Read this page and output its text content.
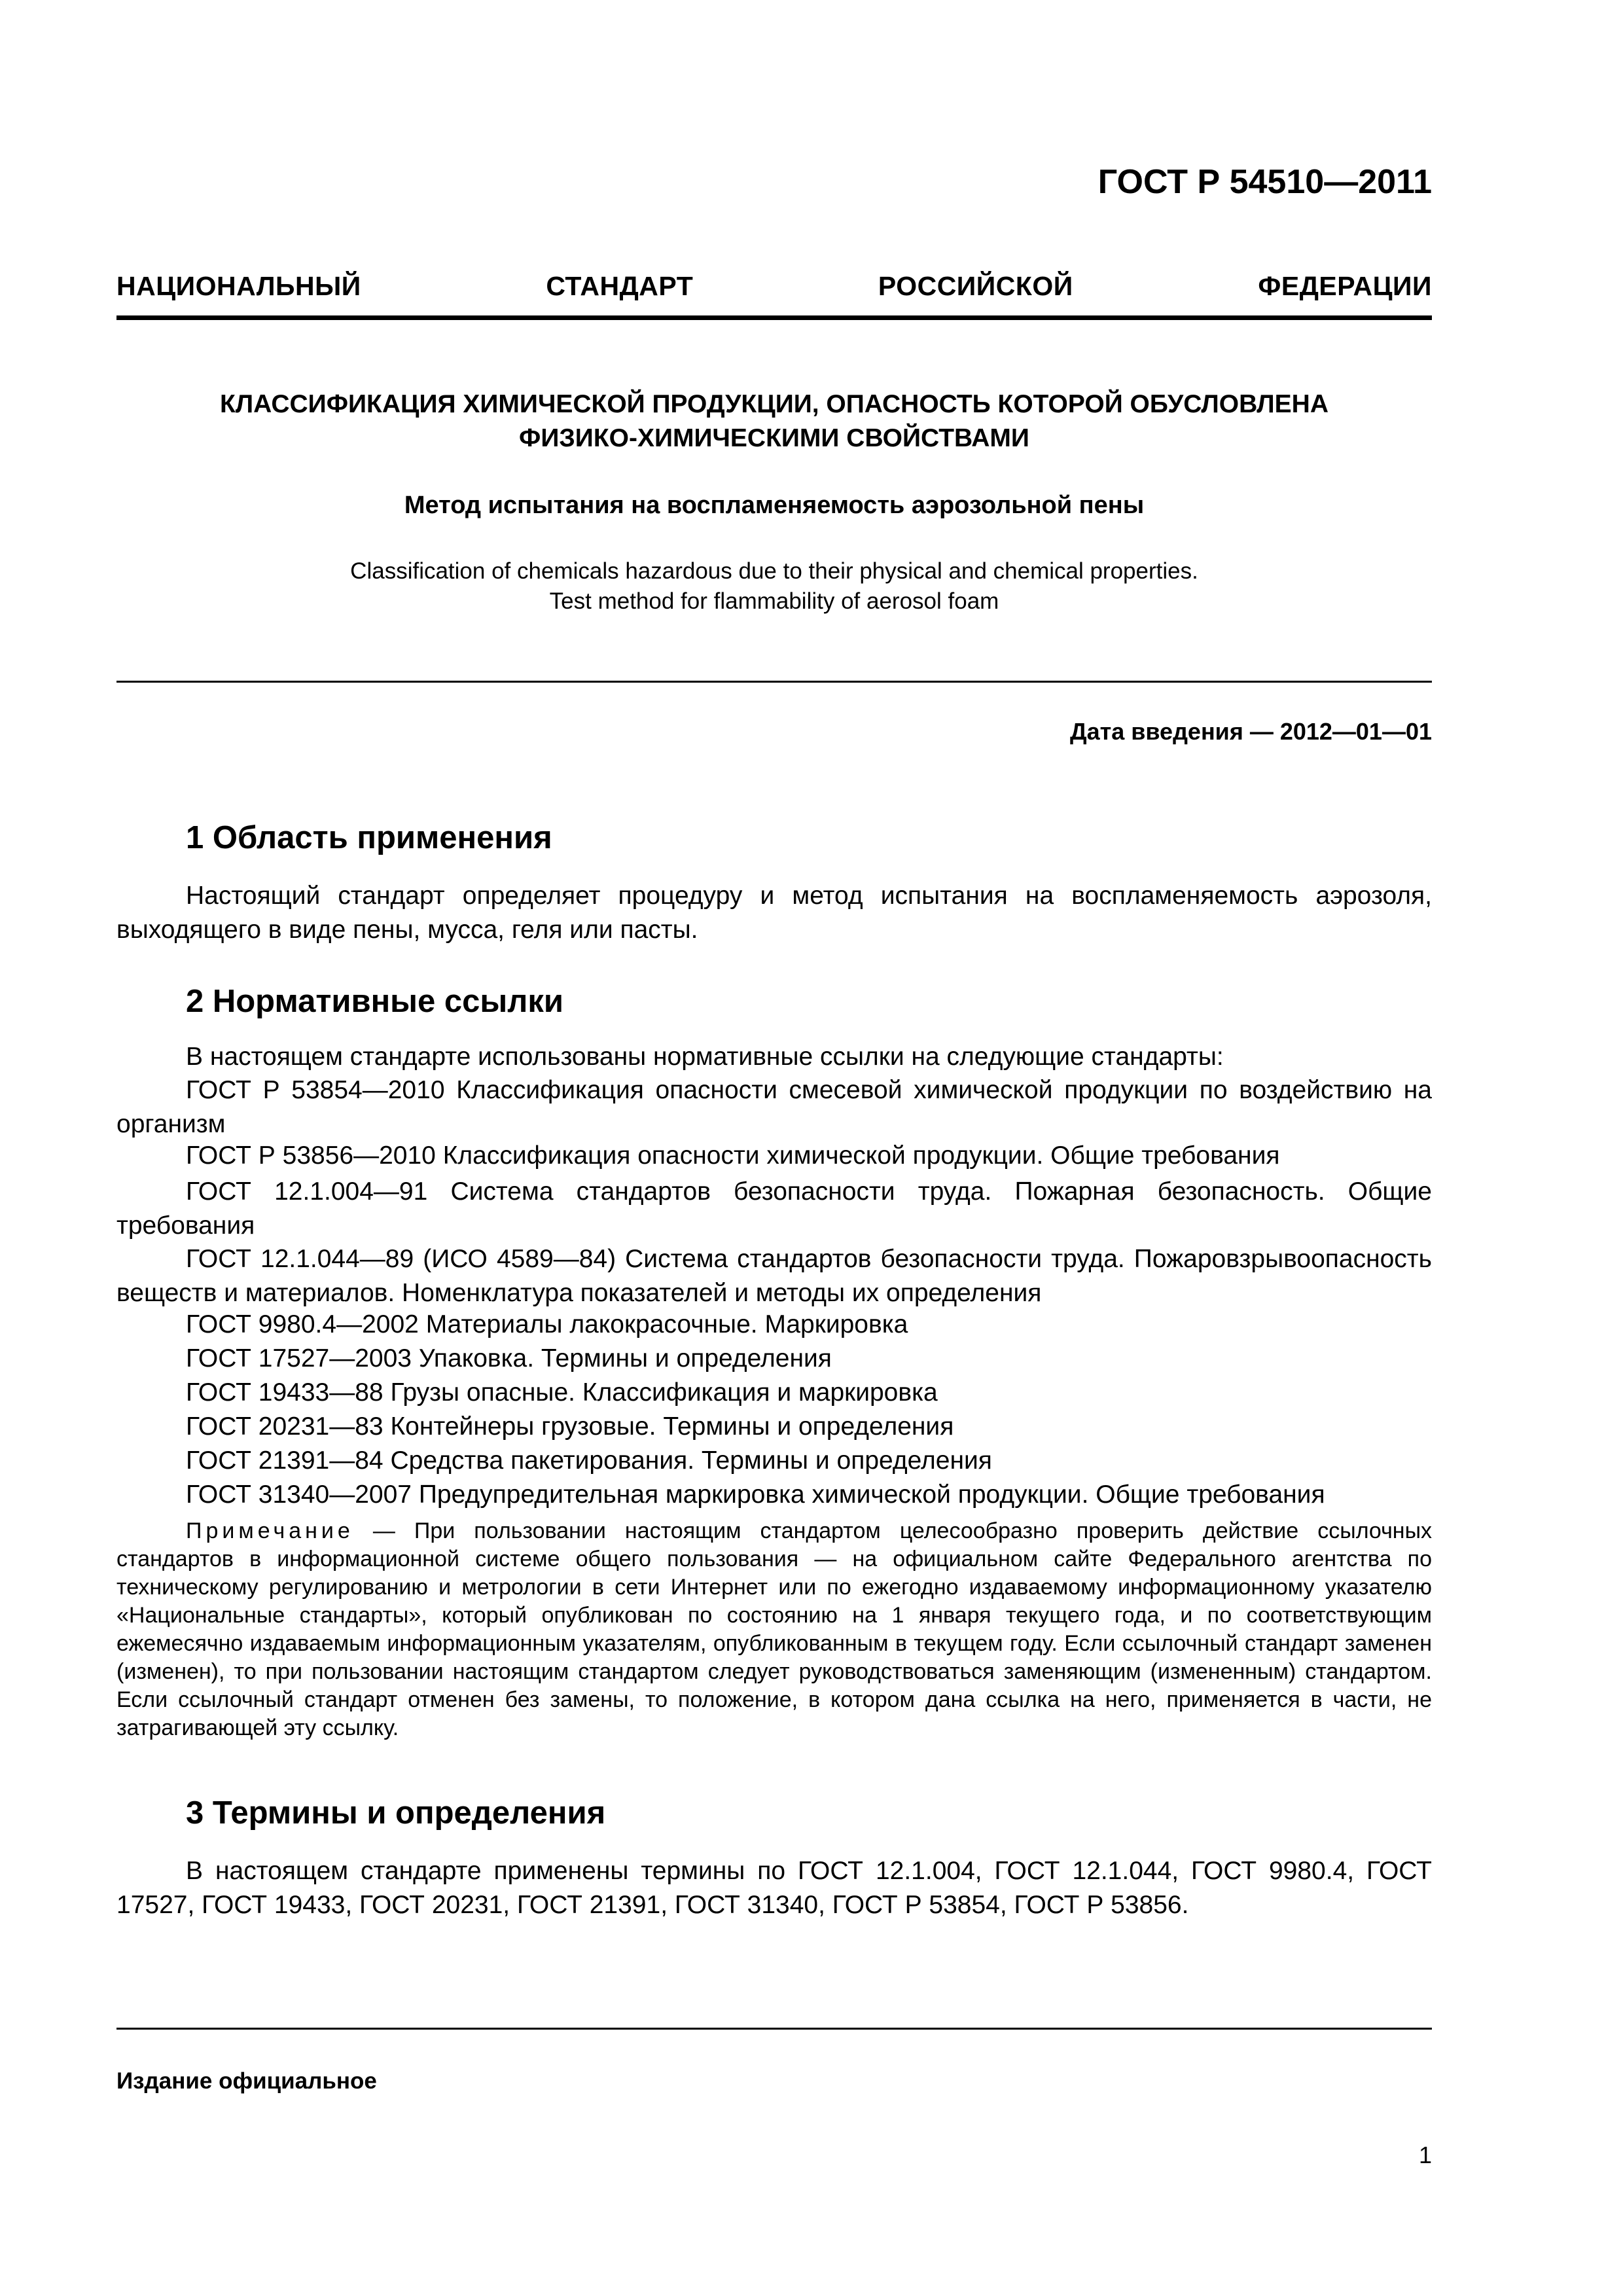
ГОСТ Р 54510—2011
НАЦИОНАЛЬНЫЙ СТАНДАРТ РОССИЙСКОЙ ФЕДЕРАЦИИ
КЛАССИФИКАЦИЯ ХИМИЧЕСКОЙ ПРОДУКЦИИ, ОПАСНОСТЬ КОТОРОЙ ОБУСЛОВЛЕНА
ФИЗИКО-ХИМИЧЕСКИМИ СВОЙСТВАМИ
Метод испытания на воспламеняемость аэрозольной пены
Classification of chemicals hazardous due to their physical and chemical properties.
Test method for flammability of aerosol foam
Дата введения — 2012—01—01
1 Область применения
Настоящий стандарт определяет процедуру и метод испытания на воспламеняемость аэрозоля, выходящего в виде пены, мусса, геля или пасты.
2 Нормативные ссылки
В настоящем стандарте использованы нормативные ссылки на следующие стандарты:
ГОСТ Р 53854—2010 Классификация опасности смесевой химической продукции по воздействию на организм
ГОСТ Р 53856—2010 Классификация опасности химической продукции. Общие требования
ГОСТ 12.1.004—91 Система стандартов безопасности труда. Пожарная безопасность. Общие требования
ГОСТ 12.1.044—89 (ИСО 4589—84) Система стандартов безопасности труда. Пожаровзрывоопасность веществ и материалов. Номенклатура показателей и методы их определения
ГОСТ 9980.4—2002 Материалы лакокрасочные. Маркировка
ГОСТ 17527—2003 Упаковка. Термины и определения
ГОСТ 19433—88 Грузы опасные. Классификация и маркировка
ГОСТ 20231—83 Контейнеры грузовые. Термины и определения
ГОСТ 21391—84 Средства пакетирования. Термины и определения
ГОСТ 31340—2007 Предупредительная маркировка химической продукции. Общие требования
Примечание — При пользовании настоящим стандартом целесообразно проверить действие ссылочных стандартов в информационной системе общего пользования — на официальном сайте Федерального агентства по техническому регулированию и метрологии в сети Интернет или по ежегодно издаваемому информационному указателю «Национальные стандарты», который опубликован по состоянию на 1 января текущего года, и по соответствующим ежемесячно издаваемым информационным указателям, опубликованным в текущем году. Если ссылочный стандарт заменен (изменен), то при пользовании настоящим стандартом следует руководствоваться заменяющим (измененным) стандартом. Если ссылочный стандарт отменен без замены, то положение, в котором дана ссылка на него, применяется в части, не затрагивающей эту ссылку.
3 Термины и определения
В настоящем стандарте применены термины по ГОСТ 12.1.004, ГОСТ 12.1.044, ГОСТ 9980.4, ГОСТ 17527, ГОСТ 19433, ГОСТ 20231, ГОСТ 21391, ГОСТ 31340, ГОСТ Р 53854, ГОСТ Р 53856.
Издание официальное
1
